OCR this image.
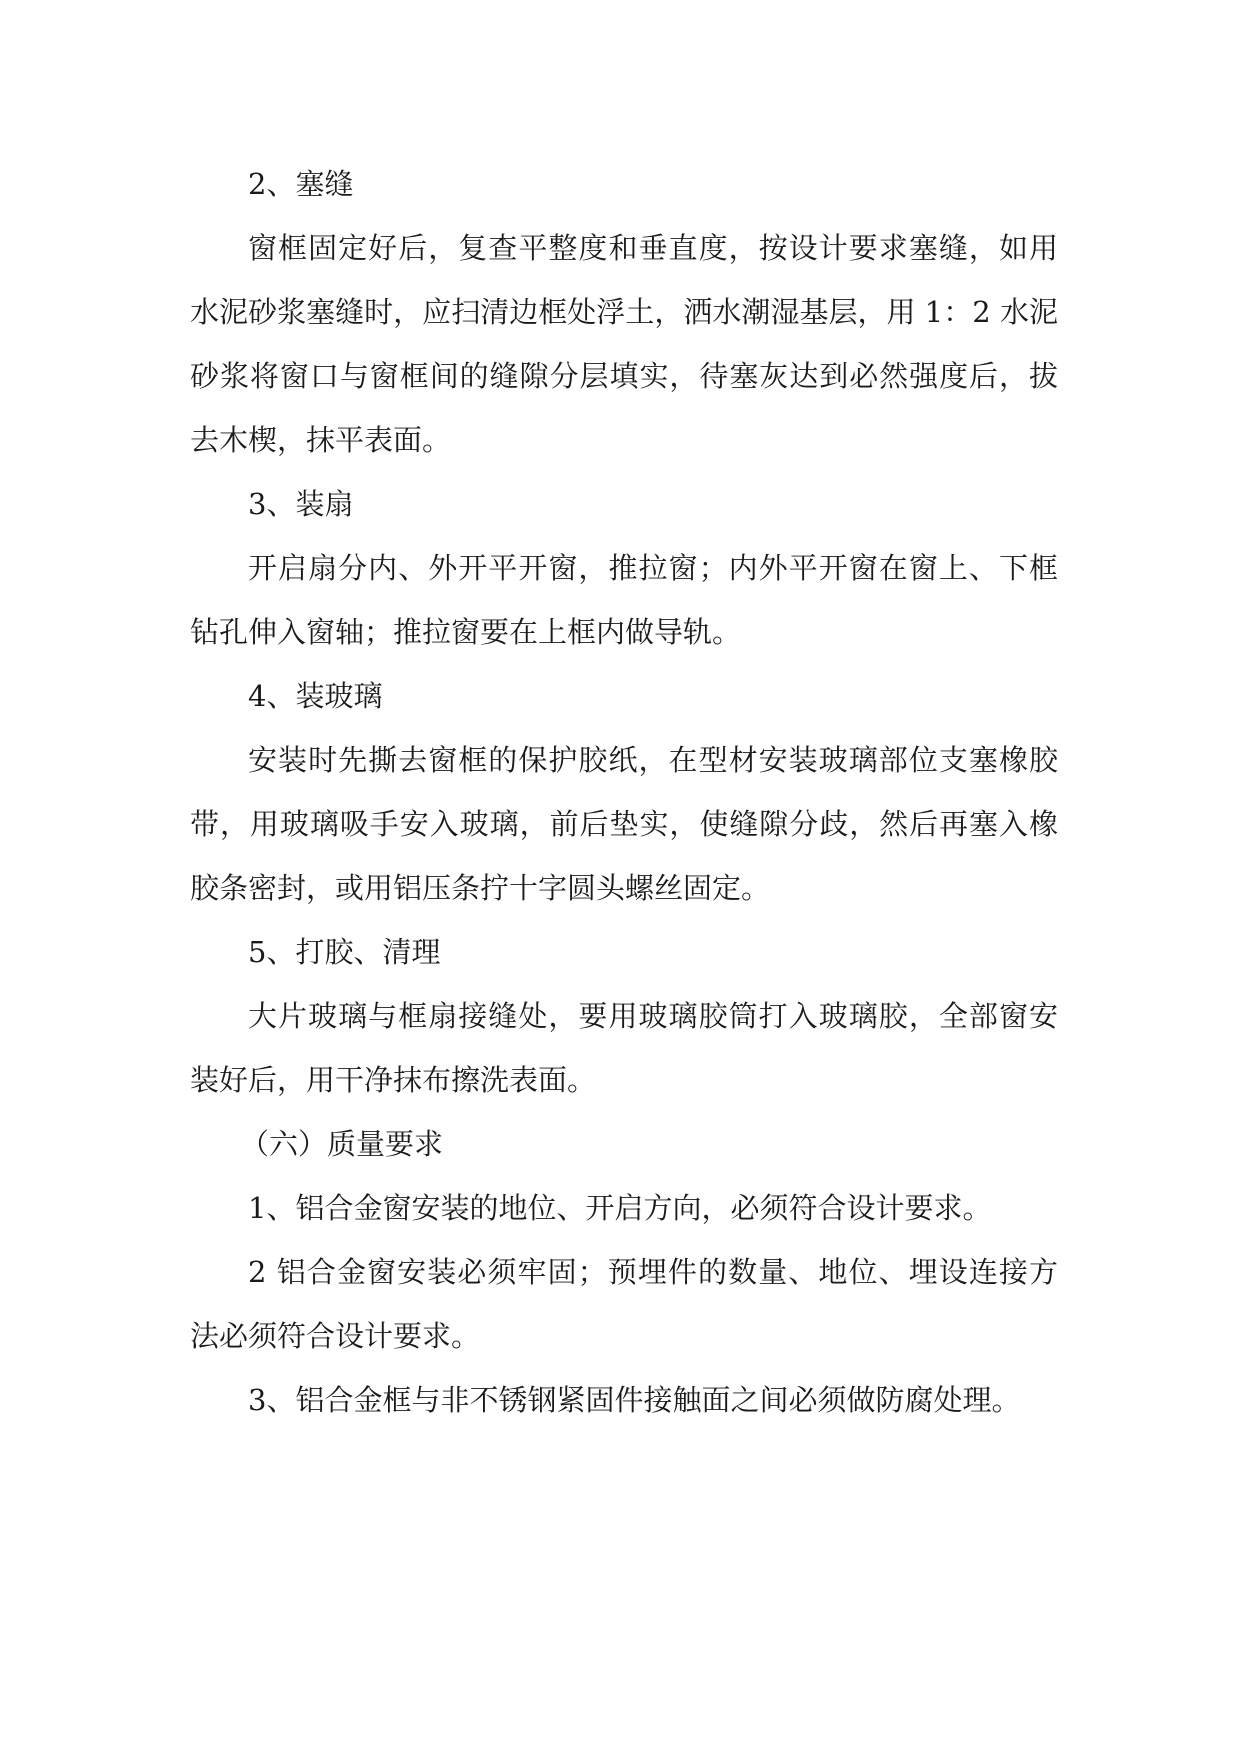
2、塞缝

窗框固定好后，复查平整度和垂直度，按设计要求塞缝，如用水泥砂浆塞缝时，应扫清边框处浮土，洒水潮湿基层，用 1：2 水泥砂浆将窗口与窗框间的缝隙分层填实，待塞灰达到必然强度后，拔去木楔，抹平表面。

3、装扇

开启扇分内、外开平开窗，推拉窗；内外平开窗在窗上、下框钻孔伸入窗轴；推拉窗要在上框内做导轨。

4、装玻璃

安装时先撕去窗框的保护胶纸，在型材安装玻璃部位支塞橡胶带，用玻璃吸手安入玻璃，前后垫实，使缝隙分歧，然后再塞入橡胶条密封，或用铝压条拧十字圆头螺丝固定。

5、打胶、清理

大片玻璃与框扇接缝处，要用玻璃胶筒打入玻璃胶，全部窗安装好后，用干净抹布擦洗表面。

（六）质量要求

1、铝合金窗安装的地位、开启方向，必须符合设计要求。

2 铝合金窗安装必须牢固；预埋件的数量、地位、埋设连接方法必须符合设计要求。

3、铝合金框与非不锈钢紧固件接触面之间必须做防腐处理。
